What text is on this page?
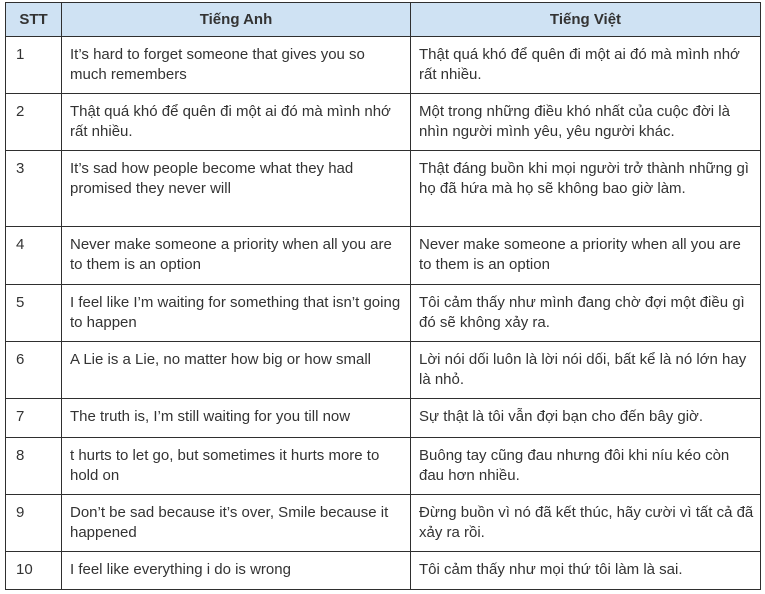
STT	Tiếng Anh	Tiếng Việt
1	It’s hard to forget someone that gives you so much remembers	Thật quá khó để quên đi một ai đó mà mình nhớ rất nhiều.
2	Thật quá khó để quên đi một ai đó mà mình nhớ rất nhiều.	Một trong những điều khó nhất của cuộc đời là nhìn người mình yêu, yêu người khác.
3	It’s sad how people become what they had promised they never will	Thật đáng buồn khi mọi người trở thành những gì họ đã hứa mà họ sẽ không bao giờ làm.
4	Never make someone a priority when all you are to them is an option	Never make someone a priority when all you are to them is an option
5	I feel like I’m waiting for something that isn’t going to happen	Tôi cảm thấy như mình đang chờ đợi một điều gì đó sẽ không xảy ra.
6	A Lie is a Lie, no matter how big or how small	Lời nói dối luôn là lời nói dối, bất kể là nó lớn hay là nhỏ.
7	The truth is, I’m still waiting for you till now	Sự thật là tôi vẫn đợi bạn cho đến bây giờ.
8	t hurts to let go, but sometimes it hurts more to hold on	Buông tay cũng đau nhưng đôi khi níu kéo còn đau hơn nhiều.
9	Don’t be sad because it’s over, Smile because it happened	Đừng buồn vì nó đã kết thúc, hãy cười vì tất cả đã xảy ra rồi.
10	I feel like everything i do is wrong	Tôi cảm thấy như mọi thứ tôi làm là sai.
